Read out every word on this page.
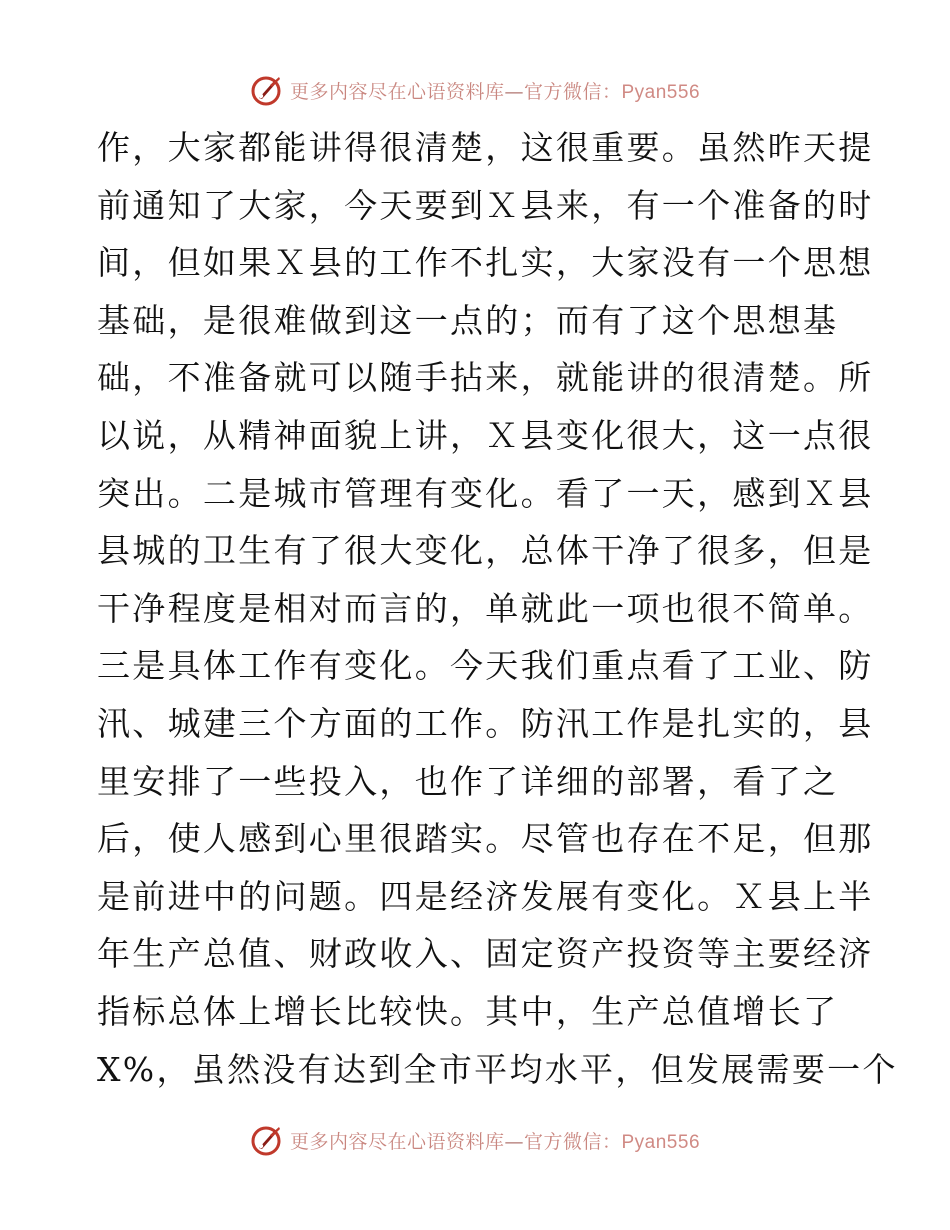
更多内容尽在心语资料库—官方微信：Pyan556
作，大家都能讲得很清楚，这很重要。虽然昨天提
前通知了大家，今天要到Ｘ县来，有一个准备的时
间，但如果Ｘ县的工作不扎实，大家没有一个思想
基础，是很难做到这一点的；而有了这个思想基
础，不准备就可以随手拈来，就能讲的很清楚。所
以说，从精神面貌上讲，Ｘ县变化很大，这一点很
突出。二是城市管理有变化。看了一天，感到Ｘ县
县城的卫生有了很大变化，总体干净了很多，但是
干净程度是相对而言的，单就此一项也很不简单。
三是具体工作有变化。今天我们重点看了工业、防
汛、城建三个方面的工作。防汛工作是扎实的，县
里安排了一些投入，也作了详细的部署，看了之
后，使人感到心里很踏实。尽管也存在不足，但那
是前进中的问题。四是经济发展有变化。Ｘ县上半
年生产总值、财政收入、固定资产投资等主要经济
指标总体上增长比较快。其中，生产总值增长了
X%，虽然没有达到全市平均水平，但发展需要一个
更多内容尽在心语资料库—官方微信：Pyan556
